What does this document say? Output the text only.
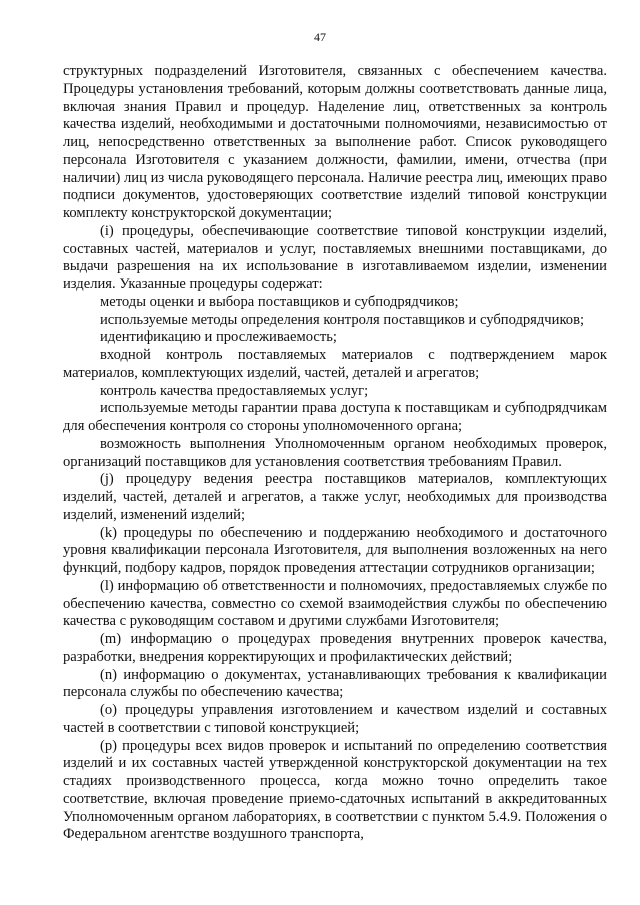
47

структурных подразделений Изготовителя, связанных с обеспечением качества. Процедуры установления требований, которым должны соответствовать данные лица, включая знания Правил и процедур. Наделение лиц, ответственных за контроль качества изделий, необходимыми и достаточными полномочиями, независимостью от лиц, непосредственно ответственных за выполнение работ. Список руководящего персонала Изготовителя с указанием должности, фамилии, имени, отчества (при наличии) лиц из числа руководящего персонала. Наличие реестра лиц, имеющих право подписи документов, удостоверяющих соответствие изделий типовой конструкции комплекту конструкторской документации;

(i) процедуры, обеспечивающие соответствие типовой конструкции изделий, составных частей, материалов и услуг, поставляемых внешними поставщиками, до выдачи разрешения на их использование в изготавливаемом изделии, изменении изделия. Указанные процедуры содержат:

методы оценки и выбора поставщиков и субподрядчиков;

используемые методы определения контроля поставщиков и субподрядчиков;

идентификацию и прослеживаемость;

входной контроль поставляемых материалов с подтверждением марок материалов, комплектующих изделий, частей, деталей и агрегатов;

контроль качества предоставляемых услуг;

используемые методы гарантии права доступа к поставщикам и субподрядчикам для обеспечения контроля со стороны уполномоченного органа;

возможность выполнения Уполномоченным органом необходимых проверок, организаций поставщиков для установления соответствия требованиям Правил.

(j) процедуру ведения реестра поставщиков материалов, комплектующих изделий, частей, деталей и агрегатов, а также услуг, необходимых для производства изделий, изменений изделий;

(k) процедуры по обеспечению и поддержанию необходимого и достаточного уровня квалификации персонала Изготовителя, для выполнения возложенных на него функций, подбору кадров, порядок проведения аттестации сотрудников организации;

(l) информацию об ответственности и полномочиях, предоставляемых службе по обеспечению качества, совместно со схемой взаимодействия службы по обеспечению качества с руководящим составом и другими службами Изготовителя;

(m) информацию о процедурах проведения внутренних проверок качества, разработки, внедрения корректирующих и профилактических действий;

(n) информацию о документах, устанавливающих требования к квалификации персонала службы по обеспечению качества;

(o) процедуры управления изготовлением и качеством изделий и составных частей в соответствии с типовой конструкцией;

(p) процедуры всех видов проверок и испытаний по определению соответствия изделий и их составных частей утвержденной конструкторской документации на тех стадиях производственного процесса, когда можно точно определить такое соответствие, включая проведение приемо-сдаточных испытаний в аккредитованных Уполномоченным органом лабораториях, в соответствии с пунктом 5.4.9. Положения о Федеральном агентстве воздушного транспорта,
